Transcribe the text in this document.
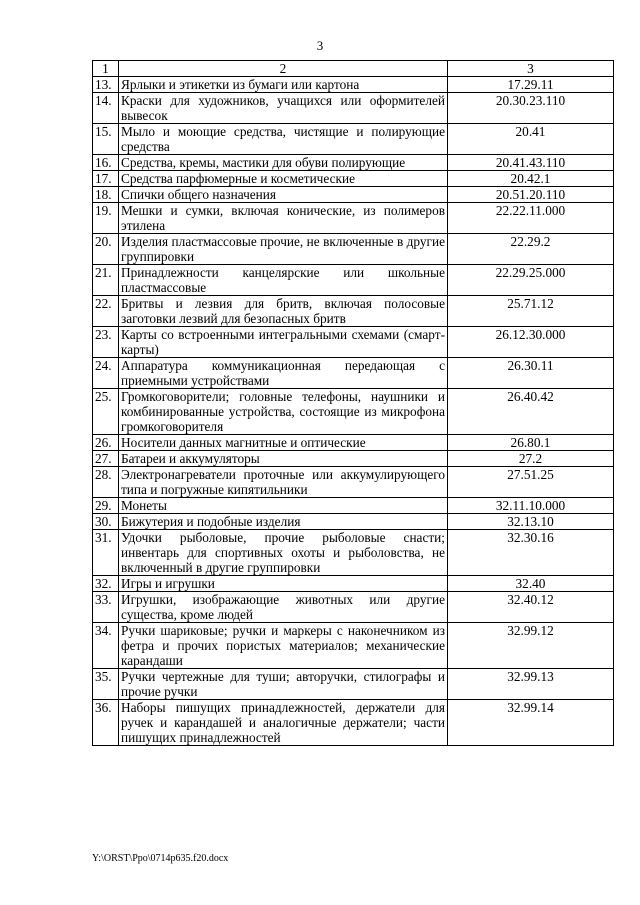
3
1	2	3
13.	Ярлыки и этикетки из бумаги или картона	17.29.11
14.	Краски для художников, учащихся или оформителей вывесок	20.30.23.110
15.	Мыло и моющие средства, чистящие и полирующие средства	20.41
16.	Средства, кремы, мастики для обуви полирующие	20.41.43.110
17.	Средства парфюмерные и косметические	20.42.1
18.	Спички общего назначения	20.51.20.110
19.	Мешки и сумки, включая конические, из полимеров этилена	22.22.11.000
20.	Изделия пластмассовые прочие, не включенные в другие группировки	22.29.2
21.	Принадлежности канцелярские или школьные пластмассовые	22.29.25.000
22.	Бритвы и лезвия для бритв, включая полосовые заготовки лезвий для безопасных бритв	25.71.12
23.	Карты со встроенными интегральными схемами (смарт-карты)	26.12.30.000
24.	Аппаратура коммуникационная передающая с приемными устройствами	26.30.11
25.	Громкоговорители; головные телефоны, наушники и комбинированные устройства, состоящие из микрофона громкоговорителя	26.40.42
26.	Носители данных магнитные и оптические	26.80.1
27.	Батареи и аккумуляторы	27.2
28.	Электронагреватели проточные или аккумулирующего типа и погружные кипятильники	27.51.25
29.	Монеты	32.11.10.000
30.	Бижутерия и подобные изделия	32.13.10
31.	Удочки рыболовые, прочие рыболовые снасти; инвентарь для спортивных охоты и рыболовства, не включенный в другие группировки	32.30.16
32.	Игры и игрушки	32.40
33.	Игрушки, изображающие животных или другие существа, кроме людей	32.40.12
34.	Ручки шариковые; ручки и маркеры с наконечником из фетра и прочих пористых материалов; механические карандаши	32.99.12
35.	Ручки чертежные для туши; авторучки, стилографы и прочие ручки	32.99.13
36.	Наборы пишущих принадлежностей, держатели для ручек и карандашей и аналогичные держатели; части пишущих принадлежностей	32.99.14
Y:\ORST\Ppo\0714p635.f20.docx
